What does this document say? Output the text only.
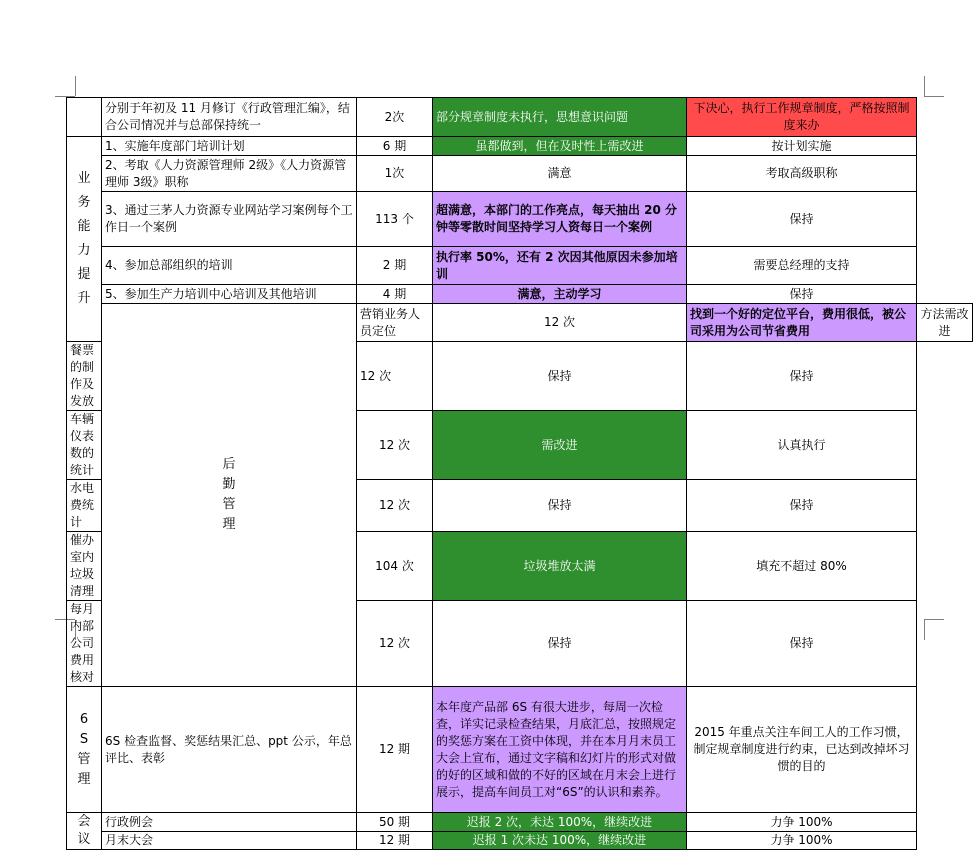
	分别于年初及 11 月修订《行政管理汇编》，结合公司情况并与总部保持统一	2次	部分规章制度未执行，思想意识问题	下决心，执行工作规章制度，严格按照制度来办	
业务能力提升	1、实施年度部门培训计划	6 期	虽都做到，但在及时性上需改进	按计划实施	
	2、考取《人力资源管理师 2级》《人力资源管理师 3级》职称	1次	满意	考取高级职称	
	3、通过三茅人力资源专业网站学习案例每个工作日一个案例	113 个	超满意，本部门的工作亮点，每天抽出 20 分钟等零散时间坚持学习人资每日一个案例	保持	
	4、参加总部组织的培训	2 期	执行率 50%，还有 2 次因其他原因未参加培训	需要总经理的支持	
	5、参加生产力培训中心培训及其他培训	4 期	满意，主动学习	保持	
	后勤管理	营销业务人员定位	12 次	找到一个好的定位平台，费用很低，被公司采用为公司节省费用	方法需改进
餐票的制作及发放		12 次	保持	保持	
车辆仪表数的统计		12 次	需改进	认真执行	
水电费统计		12 次	保持	保持	
催办室内垃圾清理		104 次	垃圾堆放太满	填充不超过 80%	
每月内部公司费用核对		12 次	保持	保持	
6S管理	6S 检查监督、奖惩结果汇总、ppt 公示，年总评比、表彰	12 期	本年度产品部 6S 有很大进步，每周一次检查，详实记录检查结果，月底汇总，按照规定的奖惩方案在工资中体现，并在本月月末员工大会上宣布，通过文字稿和幻灯片的形式对做的好的区域和做的不好的区域在月末会上进行展示，提高车间员工对“6S”的认识和素养。	2015 年重点关注车间工人的工作习惯，制定规章制度进行约束，已达到改掉坏习惯的目的	
会议	行政例会	50 期	迟报 2 次，未达 100%，继续改进	力争 100%	
	月末大会	12 期	迟报 1 次未达 100%，继续改进	力争 100%	
